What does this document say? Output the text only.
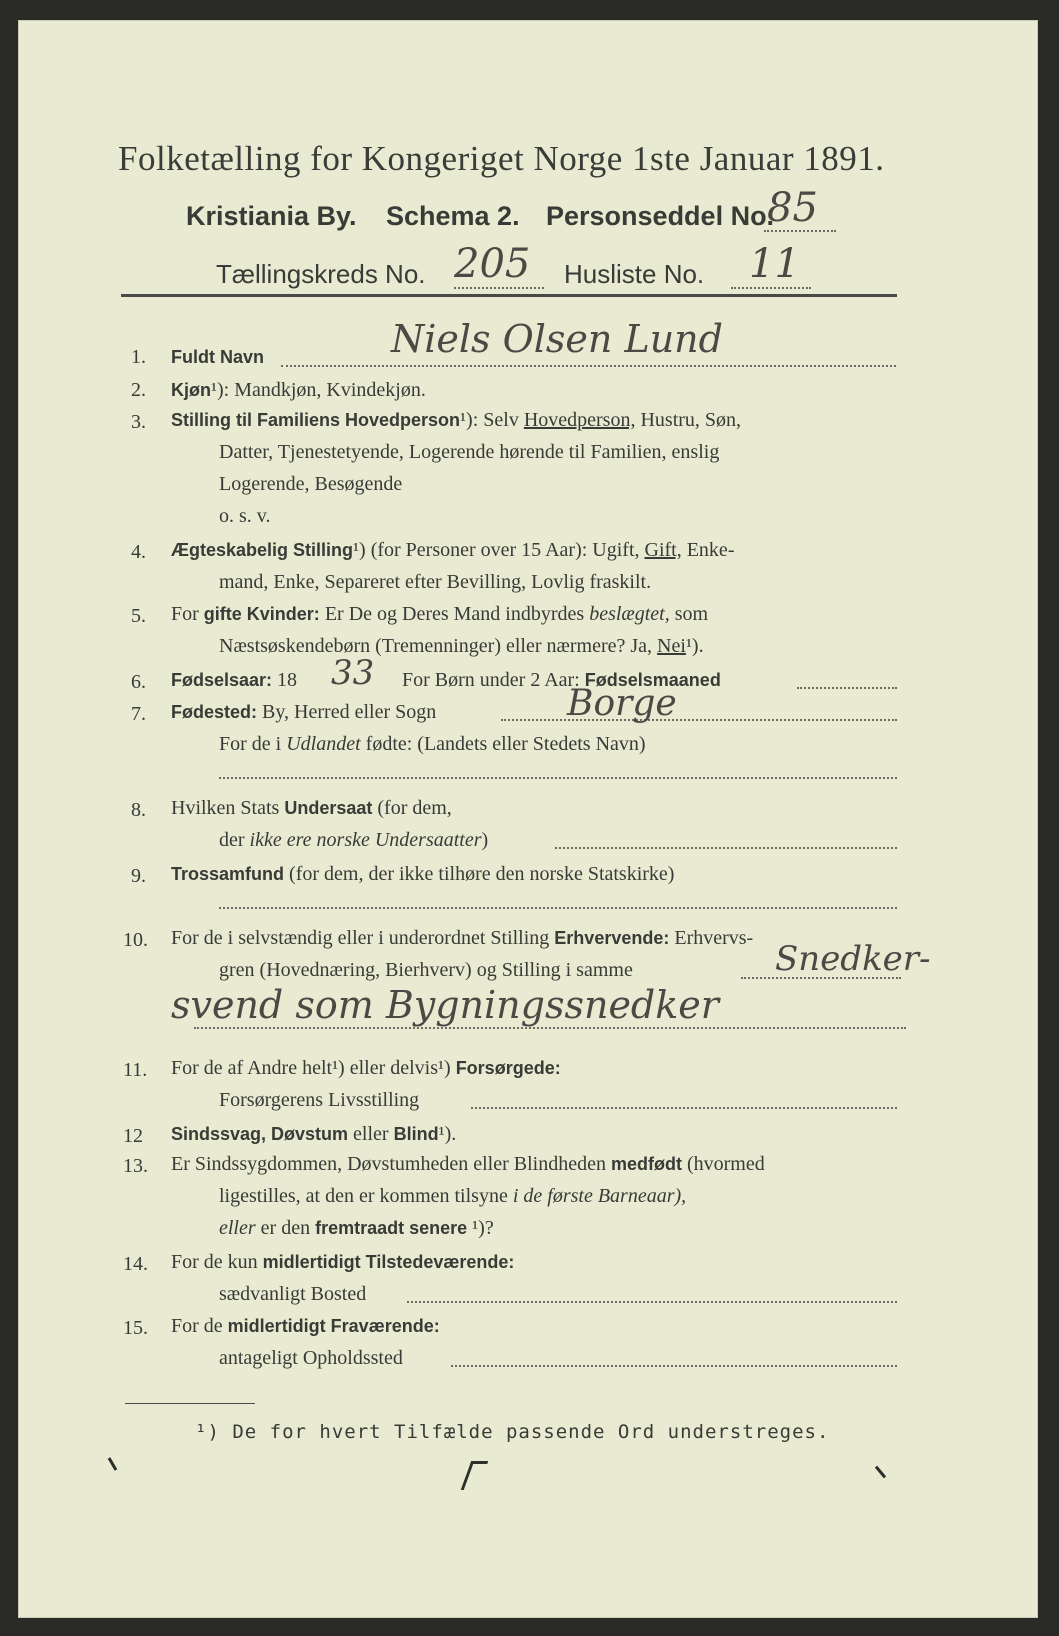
Folketælling for Kongeriget Norge 1ste Januar 1891.
Kristiania By. Schema 2. Personseddel No.
85
Tællingskreds No. 205 Husliste No. 11
1. Fuldt Navn	Niels Olsen Lund
2. Kjøn¹): Mandkjøn, Kvindekjøn.
3. Stilling til Familiens Hovedperson¹): Selv Hovedperson, Hustru, Søn,
Datter, Tjenestetyende, Logerende hørende til Familien, enslig
Logerende, Besøgende
o. s. v.
4. Ægteskabelig Stilling¹) (for Personer over 15 Aar): Ugift, Gift, Enke-
mand, Enke, Separeret efter Bevilling, Lovlig fraskilt.
5. For gifte Kvinder: Er De og Deres Mand indbyrdes beslægtet, som
Næstsøskendebørn (Tremenninger) eller nærmere? Ja, Nei¹).
6. Fødselsaar: 18 33 For Børn under 2 Aar: Fødselsmaaned
7. Fødested: By, Herred eller Sogn	Borge
For de i Udlandet fødte: (Landets eller Stedets Navn)
8. Hvilken Stats Undersaat (for dem,
der ikke ere norske Undersaatter)
9. Trossamfund (for dem, der ikke tilhøre den norske Statskirke)
10. For de i selvstændig eller i underordnet Stilling Erhvervende: Erhvervs-
gren (Hovednæring, Bierhverv) og Stilling i samme	Snedker-
svend som Bygningssnedker
11. For de af Andre helt¹) eller delvis¹) Forsørgede:
Forsørgerens Livsstilling
12 Sindssvag, Døvstum eller Blind¹).
13. Er Sindssygdommen, Døvstumheden eller Blindheden medfødt (hvormed
ligestilles, at den er kommen tilsyne i de første Barneaar),
eller er den fremtraadt senere ¹)?
14. For de kun midlertidigt Tilstedeværende:
sædvanligt Bosted
15. For de midlertidigt Fraværende:
antageligt Opholdssted
¹) De for hvert Tilfælde passende Ord understreges.
